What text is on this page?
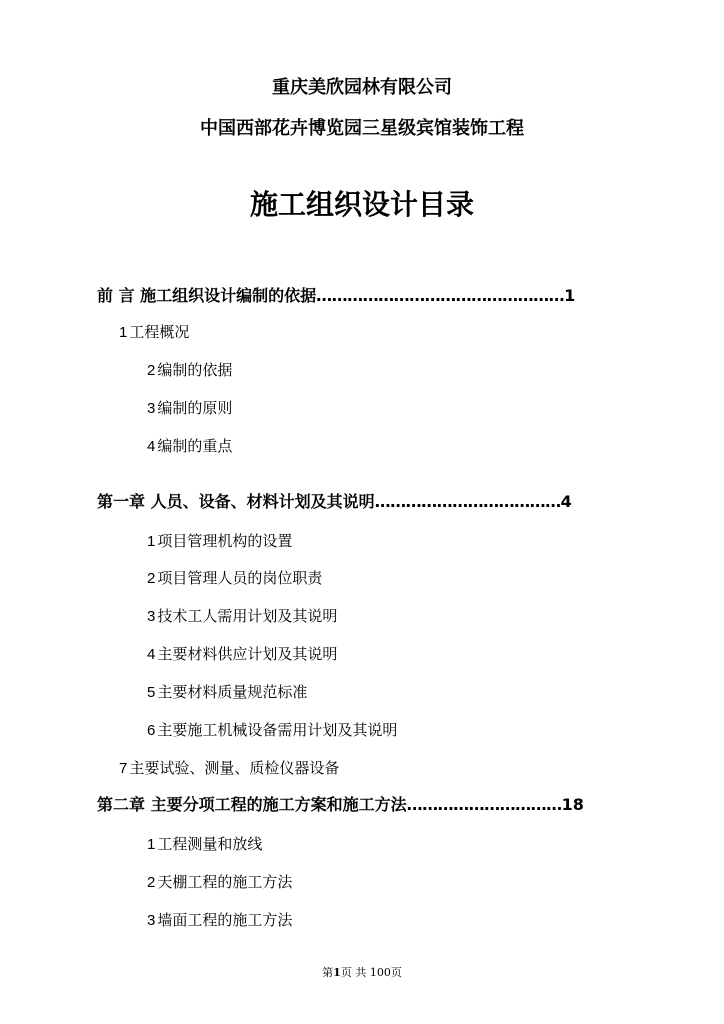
重庆美欣园林有限公司
中国西部花卉博览园三星级宾馆装饰工程
施工组织设计目录
前 言 施工组织设计编制的依据…………………………………………1
1 工程概况
2 编制的依据
3 编制的原则
4 编制的重点
第一章 人员、设备、材料计划及其说明………………………………4
1 项目管理机构的设置
2 项目管理人员的岗位职责
3 技术工人需用计划及其说明
4 主要材料供应计划及其说明
5 主要材料质量规范标准
6 主要施工机械设备需用计划及其说明
7 主要试验、测量、质检仪器设备
第二章 主要分项工程的施工方案和施工方法…………………………18
1 工程测量和放线
2 天棚工程的施工方法
3 墙面工程的施工方法
第1页 共 100页
